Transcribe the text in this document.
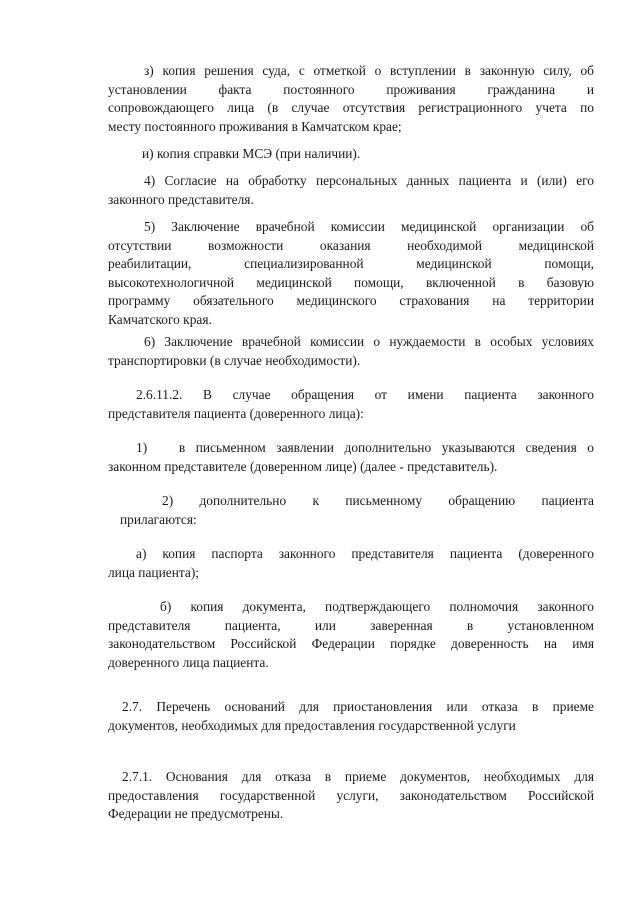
з) копия решения суда, с отметкой о вступлении в законную силу, об
установлении факта постоянного проживания гражданина и
сопровождающего лица (в случае отсутствия регистрационного учета по
месту постоянного проживания в Камчатском крае;
и) копия справки МСЭ (при наличии).
4) Согласие на обработку персональных данных пациента и (или) его
законного представителя.
5) Заключение врачебной комиссии медицинской организации об
отсутствии возможности оказания необходимой медицинской
реабилитации, специализированной медицинской помощи,
высокотехнологичной медицинской помощи, включенной в базовую
программу обязательного медицинского страхования на территории
Камчатского края.
6) Заключение врачебной комиссии о нуждаемости в особых условиях
транспортировки (в случае необходимости).
2.6.11.2. В случае обращения от имени пациента законного
представителя пациента (доверенного лица):
1)   в письменном заявлении дополнительно указываются сведения о
законном представителе (доверенном лице) (далее - представитель).
2) дополнительно к письменному обращению пациента
прилагаются:
а) копия паспорта законного представителя пациента (доверенного
лица пациента);
б) копия документа, подтверждающего полномочия законного
представителя пациента, или заверенная в установленном
законодательством Российской Федерации порядке доверенность на имя
доверенного лица пациента.
2.7. Перечень оснований для приостановления или отказа в приеме
документов, необходимых для предоставления государственной услуги
2.7.1. Основания для отказа в приеме документов, необходимых для
предоставления государственной услуги, законодательством Российской
Федерации не предусмотрены.
